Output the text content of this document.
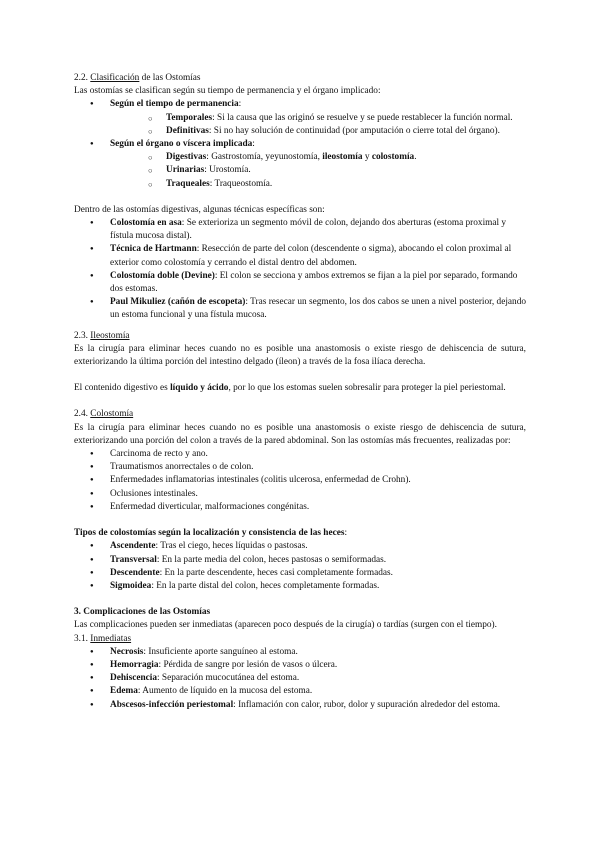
2.2. Clasificación de las Ostomías

Las ostomías se clasifican según su tiempo de permanencia y el órgano implicado:

● Según el tiempo de permanencia:
○ Temporales: Si la causa que las originó se resuelve y se puede restablecer la función normal.
○ Definitivas: Si no hay solución de continuidad (por amputación o cierre total del órgano).
● Según el órgano o víscera implicada:
○ Digestivas: Gastrostomía, yeyunostomía, ileostomía y colostomía.
○ Urinarias: Urostomía.
○ Traqueales: Traqueostomía.

Dentro de las ostomías digestivas, algunas técnicas específicas son:

● Colostomía en asa: Se exterioriza un segmento móvil de colon, dejando dos aberturas (estoma proximal y fístula mucosa distal).
● Técnica de Hartmann: Resección de parte del colon (descendente o sigma), abocando el colon proximal al exterior como colostomía y cerrando el distal dentro del abdomen.
● Colostomía doble (Devine): El colon se secciona y ambos extremos se fijan a la piel por separado, formando dos estomas.
● Paul Mikuliez (cañón de escopeta): Tras resecar un segmento, los dos cabos se unen a nivel posterior, dejando un estoma funcional y una fístula mucosa.

2.3. Ileostomía

Es la cirugía para eliminar heces cuando no es posible una anastomosis o existe riesgo de dehiscencia de sutura, exteriorizando la última porción del intestino delgado (íleon) a través de la fosa ilíaca derecha.

El contenido digestivo es líquido y ácido, por lo que los estomas suelen sobresalir para proteger la piel periestomal.

2.4. Colostomía

Es la cirugía para eliminar heces cuando no es posible una anastomosis o existe riesgo de dehiscencia de sutura, exteriorizando una porción del colon a través de la pared abdominal. Son las ostomías más frecuentes, realizadas por:

● Carcinoma de recto y ano.
● Traumatismos anorrectales o de colon.
● Enfermedades inflamatorias intestinales (colitis ulcerosa, enfermedad de Crohn).
● Oclusiones intestinales.
● Enfermedad diverticular, malformaciones congénitas.

Tipos de colostomías según la localización y consistencia de las heces:

● Ascendente: Tras el ciego, heces líquidas o pastosas.
● Transversal: En la parte media del colon, heces pastosas o semiformadas.
● Descendente: En la parte descendente, heces casi completamente formadas.
● Sigmoidea: En la parte distal del colon, heces completamente formadas.

3. Complicaciones de las Ostomías

Las complicaciones pueden ser inmediatas (aparecen poco después de la cirugía) o tardías (surgen con el tiempo).

3.1. Inmediatas

● Necrosis: Insuficiente aporte sanguíneo al estoma.
● Hemorragia: Pérdida de sangre por lesión de vasos o úlcera.
● Dehiscencia: Separación mucocutánea del estoma.
● Edema: Aumento de líquido en la mucosa del estoma.
● Abscesos-infección periestomal: Inflamación con calor, rubor, dolor y supuración alrededor del estoma.
